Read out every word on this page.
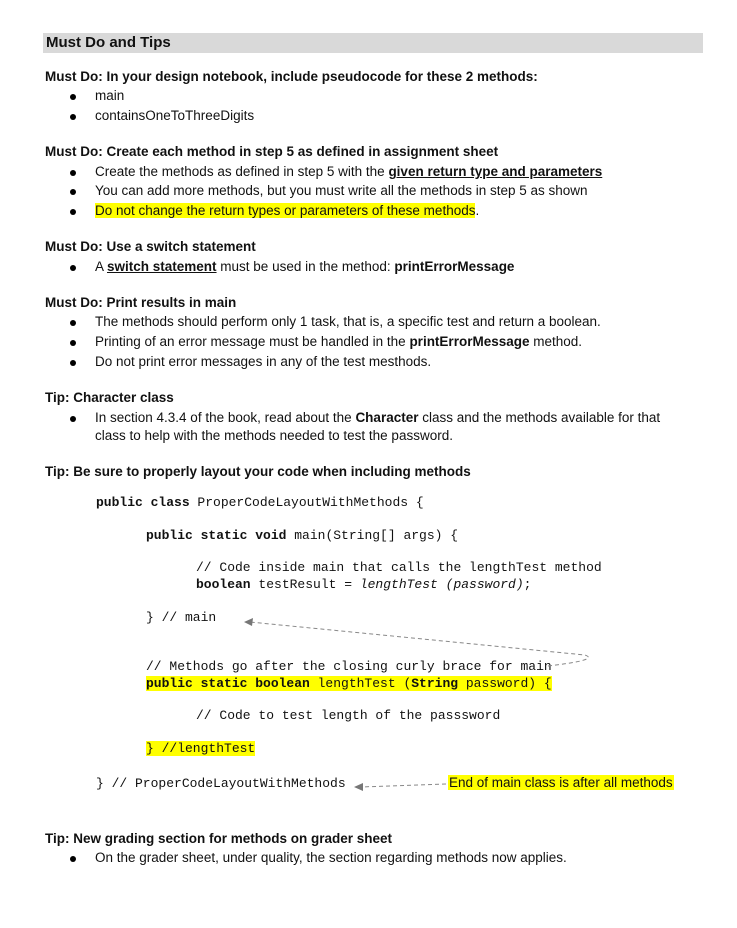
Must Do and Tips
Must Do: In your design notebook, include pseudocode for these 2 methods:
main
containsOneToThreeDigits
Must Do: Create each method in step 5 as defined in assignment sheet
Create the methods as defined in step 5 with the given return type and parameters
You can add more methods, but you must write all the methods in step 5 as shown
Do not change the return types or parameters of these methods.
Must Do: Use a switch statement
A switch statement must be used in the method: printErrorMessage
Must Do: Print results in main
The methods should perform only 1 task, that is, a specific test and return a boolean.
Printing of an error message must be handled in the printErrorMessage method.
Do not print error messages in any of the test mesthods.
Tip: Character class
In section 4.3.4 of the book, read about the Character class and the methods available for that
class to help with the methods needed to test the password.
Tip: Be sure to properly layout your code when including methods
public class ProperCodeLayoutWithMethods {
public static void main(String[] args) {
// Code inside main that calls the lengthTest method
boolean testResult = lengthTest (password);
} // main
// Methods go after the closing curly brace for main
public static boolean lengthTest (String password) {
// Code to test length of the passsword
} //lengthTest
} // ProperCodeLayoutWithMethods	End of main class is after all methods
Tip: New grading section for methods on grader sheet
On the grader sheet, under quality, the section regarding methods now applies.
